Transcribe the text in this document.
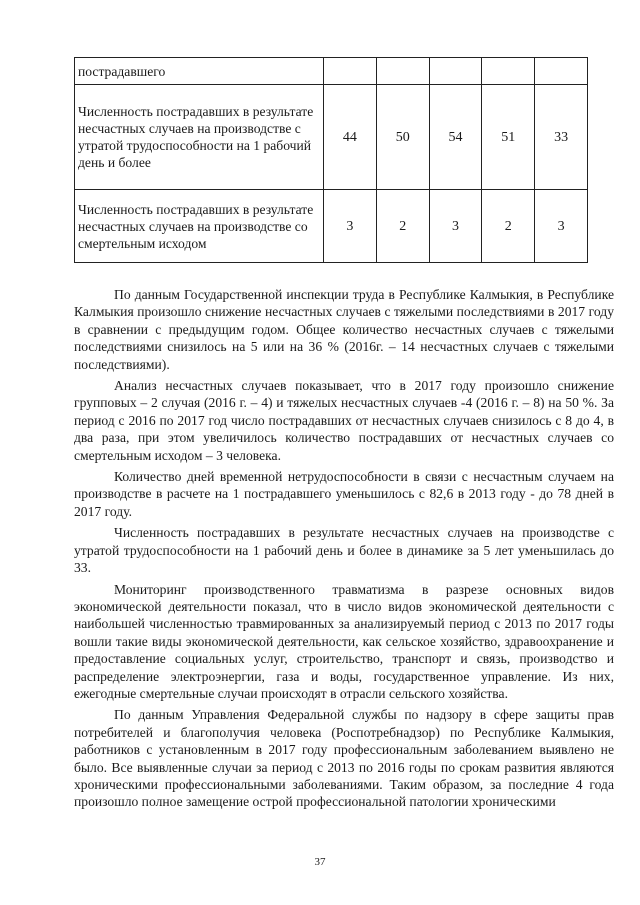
пострадавшего					
Численность пострадавших в результате несчастных случаев на производстве с утратой трудоспособности на 1 рабочий день и более	44	50	54	51	33
Численность пострадавших в результате несчастных случаев на производстве со смертельным исходом	3	2	3	2	3

По данным Государственной инспекции труда в Республике Калмыкия, в Республике Калмыкия произошло снижение несчастных случаев с тяжелыми последствиями в 2017 году в сравнении с предыдущим годом. Общее количество несчастных случаев с тяжелыми последствиями снизилось на 5 или на 36 % (2016г. – 14 несчастных случаев с тяжелыми последствиями).

Анализ несчастных случаев показывает, что в 2017 году произошло снижение групповых – 2 случая (2016 г. – 4) и тяжелых несчастных случаев -4 (2016 г. – 8) на 50 %. За период с 2016 по 2017 год число пострадавших от несчастных случаев снизилось с 8 до 4, в два раза, при этом увеличилось количество пострадавших от несчастных случаев со смертельным исходом – 3 человека.

Количество дней временной нетрудоспособности в связи с несчастным случаем на производстве в расчете на 1 пострадавшего уменьшилось с 82,6 в 2013 году - до 78 дней в 2017 году.

Численность пострадавших в результате несчастных случаев на производстве с утратой трудоспособности на 1 рабочий день и более в динамике за 5 лет уменьшилась до 33.

Мониторинг производственного травматизма в разрезе основных видов экономической деятельности показал, что в число видов экономической деятельности с наибольшей численностью травмированных за анализируемый период с 2013 по 2017 годы вошли такие виды экономической деятельности, как сельское хозяйство, здравоохранение и предоставление социальных услуг, строительство, транспорт и связь, производство и распределение электроэнергии, газа и воды, государственное управление. Из них, ежегодные смертельные случаи происходят в отрасли сельского хозяйства.

По данным Управления Федеральной службы по надзору в сфере защиты прав потребителей и благополучия человека (Роспотребнадзор) по Республике Калмыкия, работников с установленным в 2017 году профессиональным заболеванием выявлено не было. Все выявленные случаи за период с 2013 по 2016 годы по срокам развития являются хроническими профессиональными заболеваниями. Таким образом, за последние 4 года произошло полное замещение острой профессиональной патологии хроническими

37
